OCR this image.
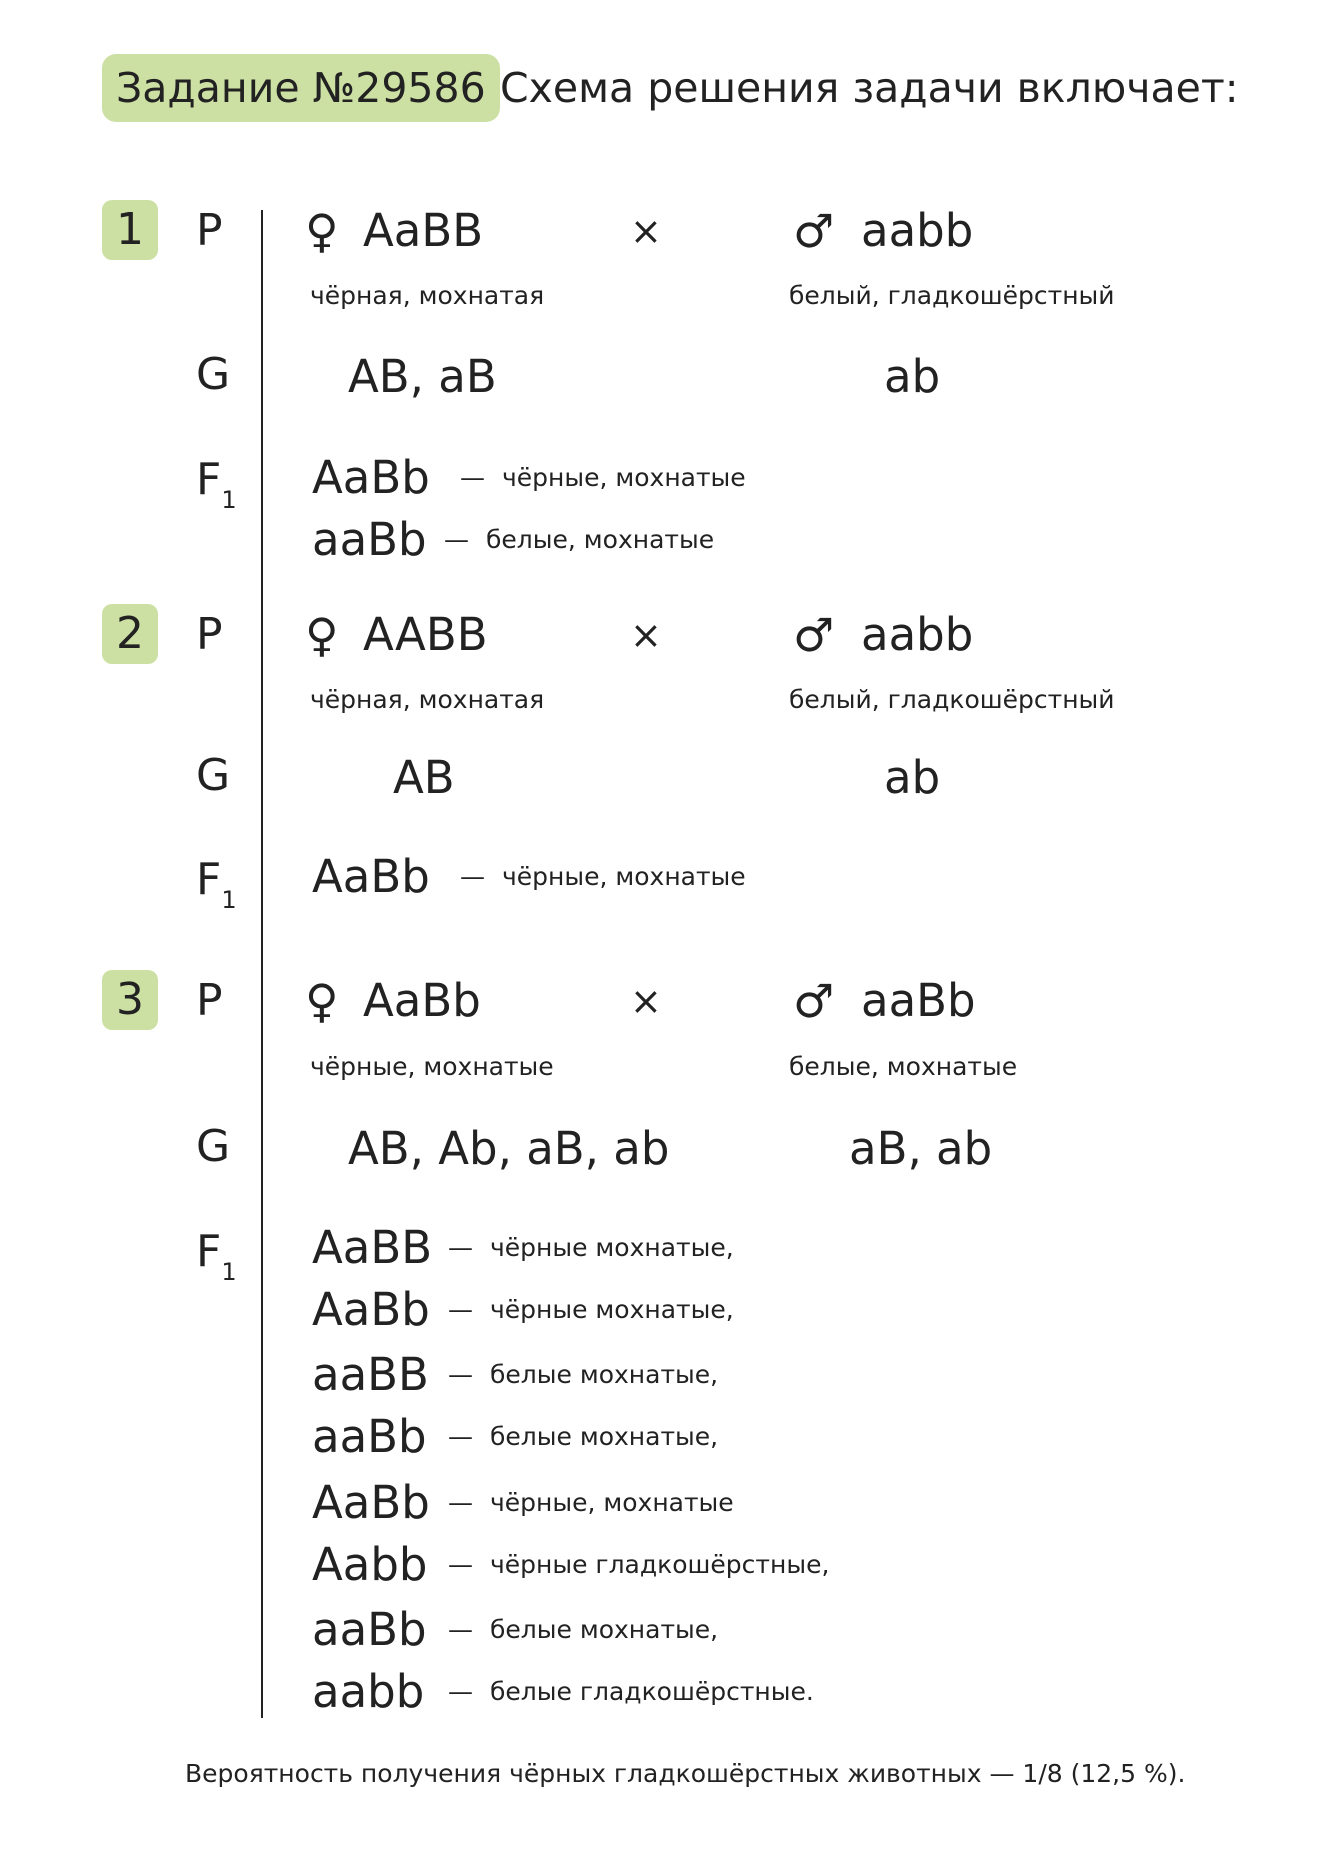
Задание №29586 Схема решения задачи включает:
1	P ♀ AaBB	×	♂ aabb
чёрная, мохнатая	белый, гладкошёрстный
G	AB, aB	ab
$F_1$ AaBb — чёрные, мохнатые
aaBb — белые, мохнатые
2	P ♀ AABB	×	♂ aabb
чёрная, мохнатая	белый, гладкошёрстный
G	AB	ab
$F_1$ AaBb — чёрные, мохнатые
3	P ♀ AaBb	×	♂ aaBb
чёрные, мохнатые	белые, мохнатые
G	AB, Ab, aB, ab	aB, ab
$F_1$ AaBB — чёрные мохнатые,
AaBb — чёрные мохнатые,
aaBB — белые мохнатые,
aaBb — белые мохнатые,
AaBb — чёрные, мохнатые
Aabb — чёрные гладкошёрстные,
aaBb — белые мохнатые,
aabb — белые гладкошёрстные.
Вероятность получения чёрных гладкошёрстных животных — 1/8 (12,5 %).
